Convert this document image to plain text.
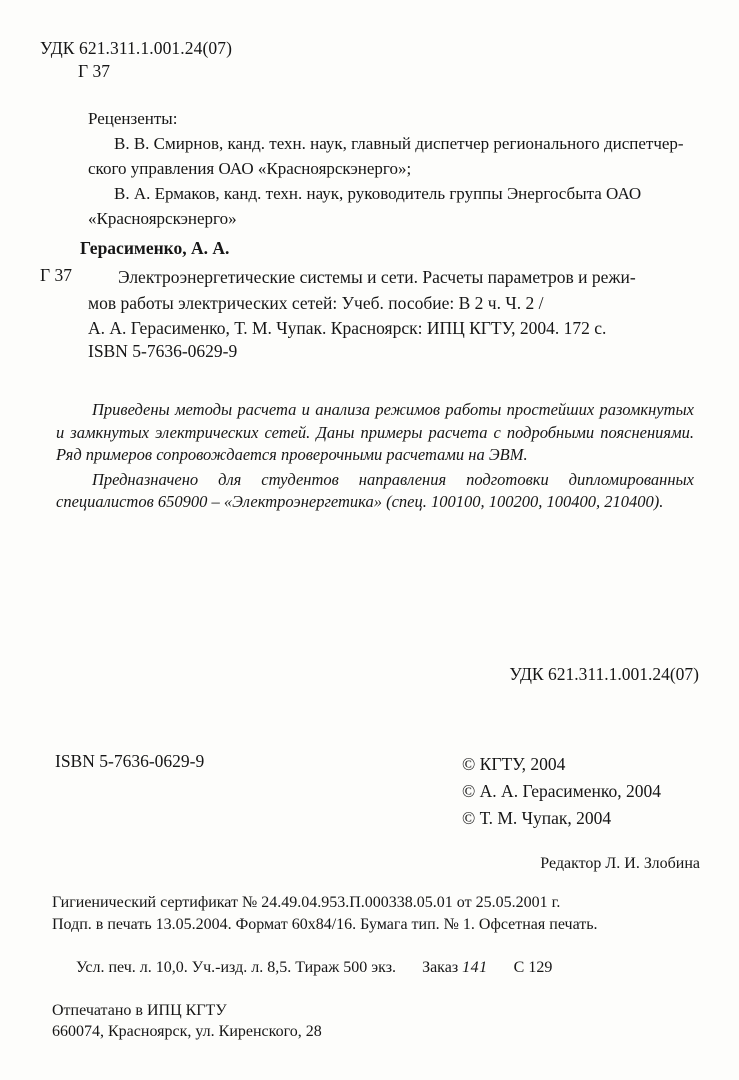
УДК 621.311.1.001.24(07)
Г 37
Рецензенты:
В. В. Смирнов, канд. техн. наук, главный диспетчер регионального диспетчер-
ского управления ОАО «Красноярскэнерго»;
В. А. Ермаков, канд. техн. наук, руководитель группы Энергосбыта ОАО
«Красноярскэнерго»
Герасименко, А. А.
Г 37	Электроэнергетические системы и сети. Расчеты параметров и режи-
мов работы электрических сетей: Учеб. пособие: В 2 ч. Ч. 2 /
А. А. Герасименко, Т. М. Чупак. Красноярск: ИПЦ КГТУ, 2004. 172 с.
ISBN 5-7636-0629-9

Приведены методы расчета и анализа режимов работы простейших разомкнутых и замкнутых электрических сетей. Даны примеры расчета с подробными пояснениями. Ряд примеров сопровождается проверочными расчетами на ЭВМ.

Предназначено для студентов направления подготовки дипломированных специалистов 650900 – «Электроэнергетика» (спец. 100100, 100200, 100400, 210400).

УДК 621.311.1.001.24(07)
ISBN 5-7636-0629-9	© КГТУ, 2004
© А. А. Герасименко, 2004
© Т. М. Чупак, 2004
Редактор Л. И. Злобина
Гигиенический сертификат № 24.49.04.953.П.000338.05.01 от 25.05.2001 г.
Подп. в печать 13.05.2004. Формат 60х84/16. Бумага тип. № 1. Офсетная печать.

Усл. печ. л. 10,0. Уч.-изд. л. 8,5. Тираж 500 экз. Заказ 141 С 129

Отпечатано в ИПЦ КГТУ
660074, Красноярск, ул. Киренского, 28
